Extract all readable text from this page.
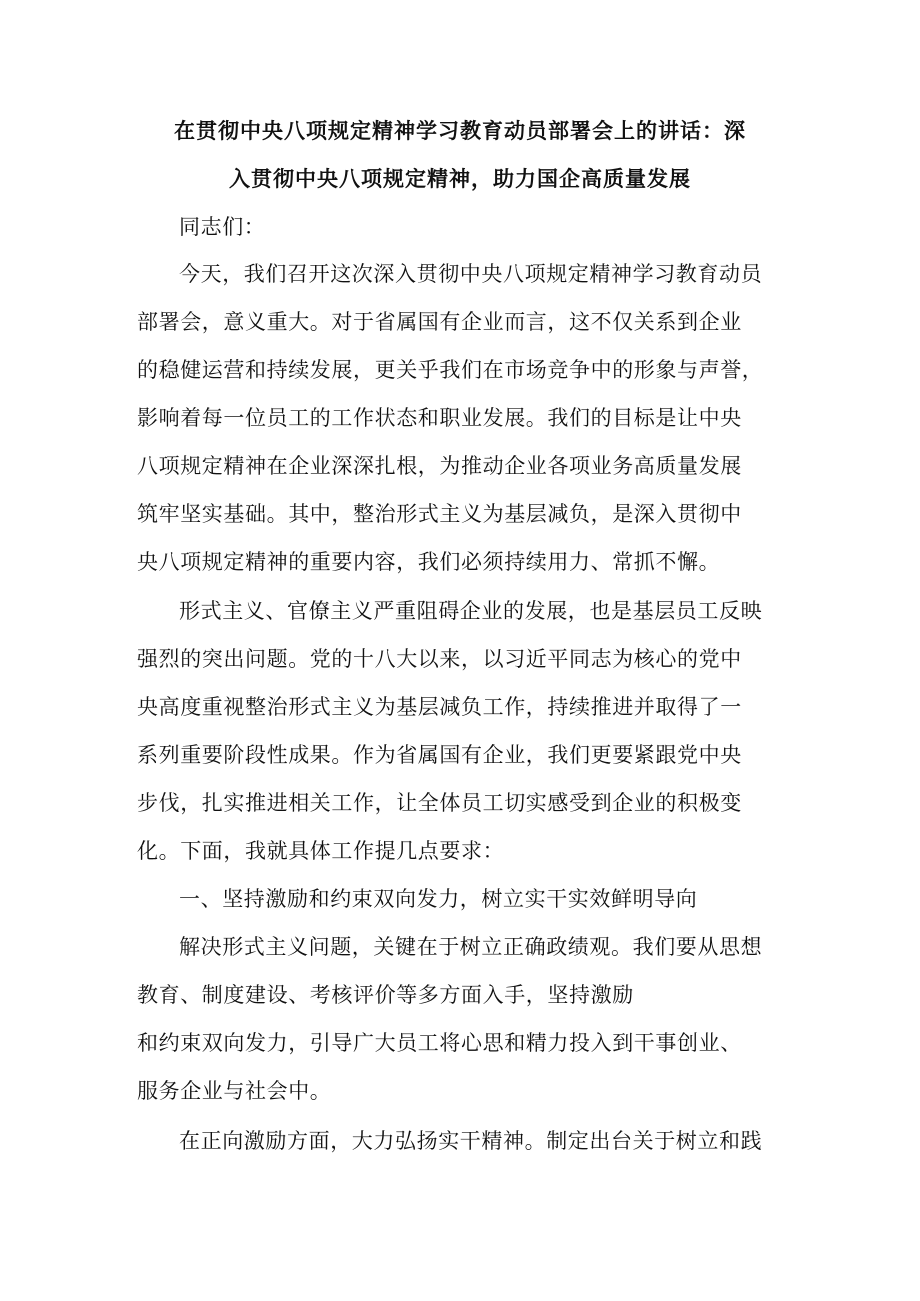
在贯彻中央八项规定精神学习教育动员部署会上的讲话：深
入贯彻中央八项规定精神，助力国企高质量发展

同志们：

今天，我们召开这次深入贯彻中央八项规定精神学习教育动员

部署会，意义重大。对于省属国有企业而言，这不仅关系到企业

的稳健运营和持续发展，更关乎我们在市场竞争中的形象与声誉，

影响着每一位员工的工作状态和职业发展。我们的目标是让中央

八项规定精神在企业深深扎根，为推动企业各项业务高质量发展

筑牢坚实基础。其中，整治形式主义为基层减负，是深入贯彻中

央八项规定精神的重要内容，我们必须持续用力、常抓不懈。

形式主义、官僚主义严重阻碍企业的发展，也是基层员工反映

强烈的突出问题。党的十八大以来，以习近平同志为核心的党中

央高度重视整治形式主义为基层减负工作，持续推进并取得了一

系列重要阶段性成果。作为省属国有企业，我们更要紧跟党中央

步伐，扎实推进相关工作，让全体员工切实感受到企业的积极变

化。下面，我就具体工作提几点要求：

一、坚持激励和约束双向发力，树立实干实效鲜明导向

解决形式主义问题，关键在于树立正确政绩观。我们要从思想

教育、制度建设、考核评价等多方面入手，坚持激励

和约束双向发力，引导广大员工将心思和精力投入到干事创业、

服务企业与社会中。

在正向激励方面，大力弘扬实干精神。制定出台关于树立和践
